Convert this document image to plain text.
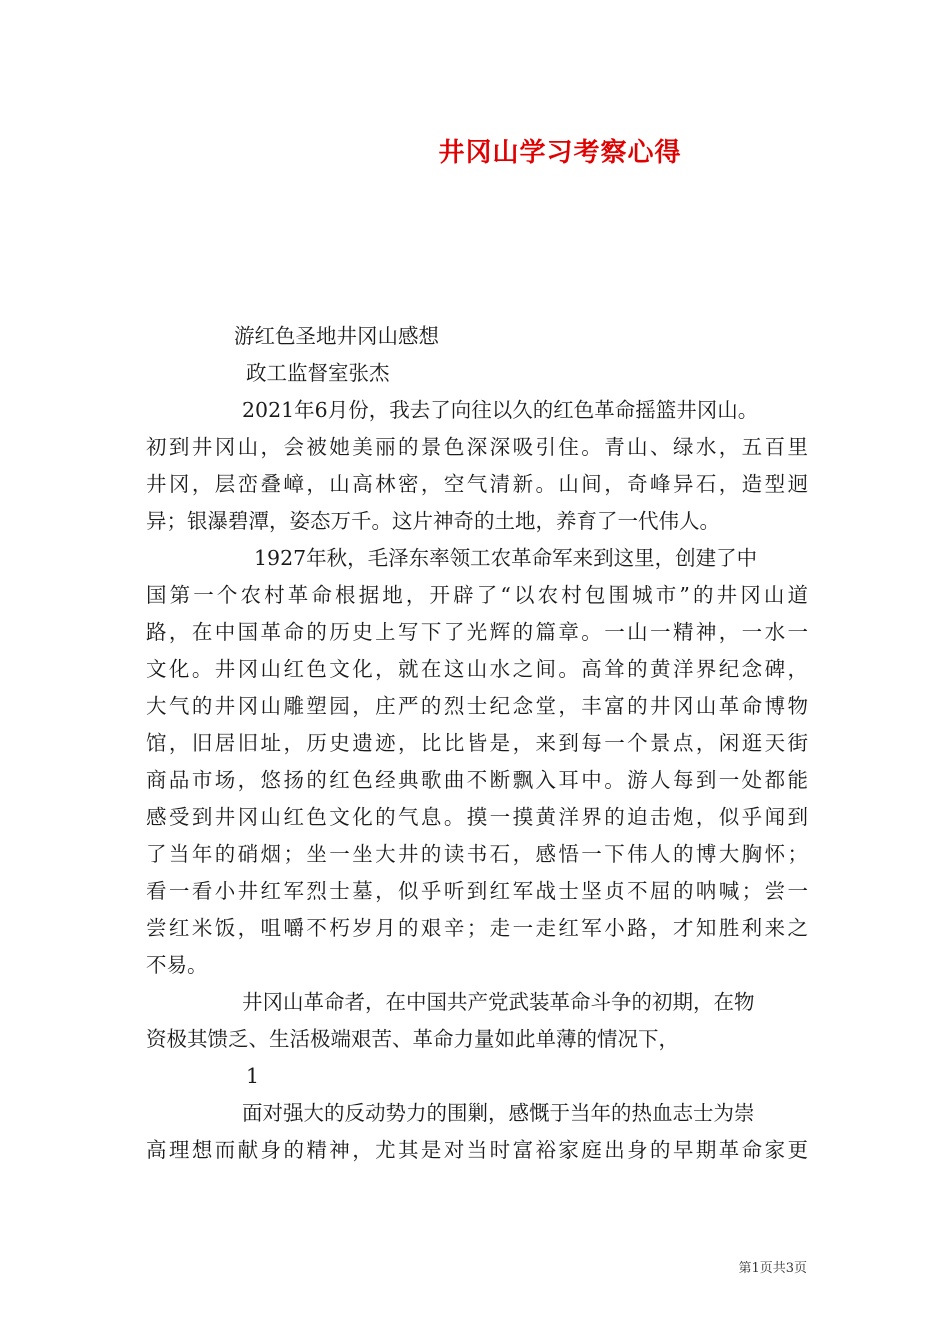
井冈山学习考察心得
游红色圣地井冈山感想
政工监督室张杰
2021年6月份，我去了向往以久的红色革命摇篮井冈山。
初到井冈山，会被她美丽的景色深深吸引住。青山、绿水，五百里
井冈，层峦叠嶂，山高林密，空气清新。山间，奇峰异石，造型迥
异；银瀑碧潭，姿态万千。这片神奇的土地，养育了一代伟人。
1927年秋，毛泽东率领工农革命军来到这里，创建了中
国第一个农村革命根据地，开辟了“以农村包围城市”的井冈山道
路，在中国革命的历史上写下了光辉的篇章。一山一精神，一水一
文化。井冈山红色文化，就在这山水之间。高耸的黄洋界纪念碑，
大气的井冈山雕塑园，庄严的烈士纪念堂，丰富的井冈山革命博物
馆，旧居旧址，历史遗迹，比比皆是，来到每一个景点，闲逛天街
商品市场，悠扬的红色经典歌曲不断飘入耳中。游人每到一处都能
感受到井冈山红色文化的气息。摸一摸黄洋界的迫击炮，似乎闻到
了当年的硝烟；坐一坐大井的读书石，感悟一下伟人的博大胸怀；
看一看小井红军烈士墓，似乎听到红军战士坚贞不屈的呐喊；尝一
尝红米饭，咀嚼不朽岁月的艰辛；走一走红军小路，才知胜利来之
不易。
井冈山革命者，在中国共产党武装革命斗争的初期，在物
资极其馈乏、生活极端艰苦、革命力量如此单薄的情况下，
1
面对强大的反动势力的围剿，感慨于当年的热血志士为崇
高理想而献身的精神，尤其是对当时富裕家庭出身的早期革命家更
第1页共3页
